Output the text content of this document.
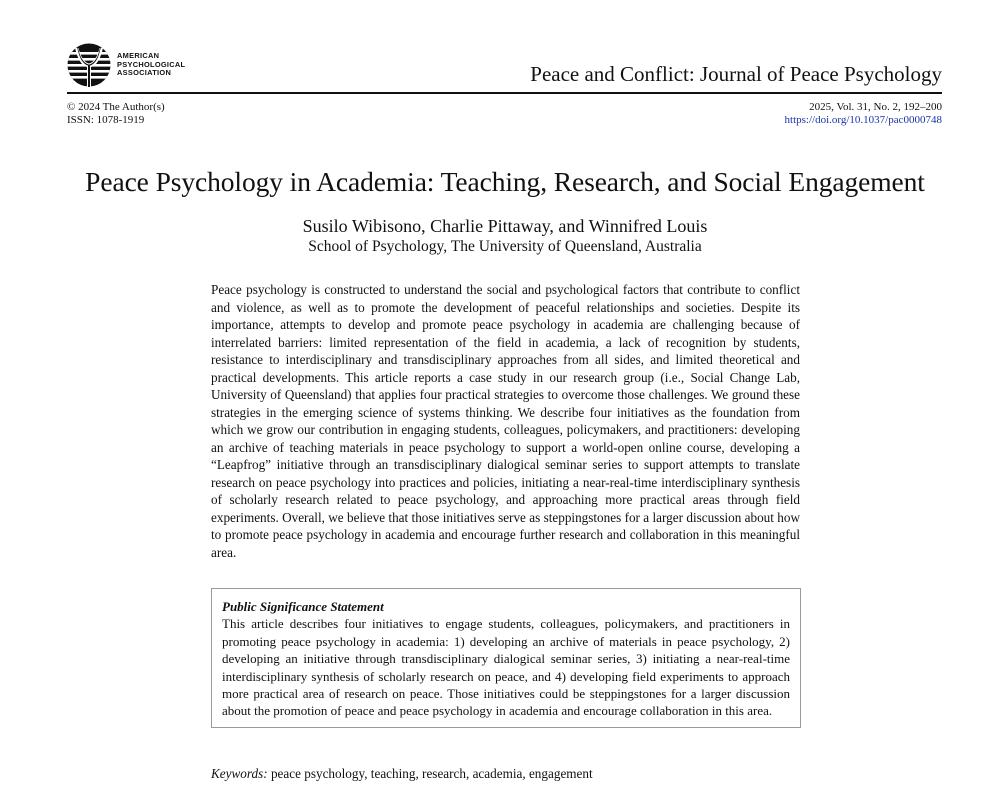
AMERICAN
PSYCHOLOGICAL
ASSOCIATION	Peace and Conflict: Journal of Peace Psychology
© 2024 The Author(s)
ISSN: 1078-1919
2025, Vol. 31, No. 2, 192–200
https://doi.org/10.1037/pac0000748
Peace Psychology in Academia: Teaching, Research, and Social Engagement
Susilo Wibisono, Charlie Pittaway, and Winnifred Louis
School of Psychology, The University of Queensland, Australia

Peace psychology is constructed to understand the social and psychological factors that contribute to conflict and violence, as well as to promote the development of peaceful relationships and societies. Despite its importance, attempts to develop and promote peace psychology in academia are challenging because of interrelated barriers: limited representation of the field in academia, a lack of recognition by students, resistance to interdisciplinary and transdisciplinary approaches from all sides, and limited theoretical and practical developments. This article reports a case study in our research group (i.e., Social Change Lab, University of Queensland) that applies four practical strategies to overcome those challenges. We ground these strategies in the emerging science of systems thinking. We describe four initiatives as the foundation from which we grow our contribution in engaging students, colleagues, policymakers, and practitioners: developing an archive of teaching materials in peace psychology to support a world-open online course, developing a “Leapfrog” initiative through an transdisciplinary dialogical seminar series to support attempts to translate research on peace psychology into practices and policies, initiating a near-real-time interdisciplinary synthesis of scholarly research related to peace psychology, and approaching more practical areas through field experiments. Overall, we believe that those initiatives serve as steppingstones for a larger discussion about how to promote peace psychology in academia and encourage further research and collaboration in this meaningful area.

Public Significance Statement
This article describes four initiatives to engage students, colleagues, policymakers, and practitioners in promoting peace psychology in academia: 1) developing an archive of materials in peace psychology, 2) developing an initiative through transdisciplinary dialogical seminar series, 3) initiating a near-real-time interdisciplinary synthesis of scholarly research on peace, and 4) developing field experiments to approach more practical area of research on peace. Those initiatives could be steppingstones for a larger discussion about the promotion of peace and peace psychology in academia and encourage collaboration in this area.
Keywords: peace psychology, teaching, research, academia, engagement
